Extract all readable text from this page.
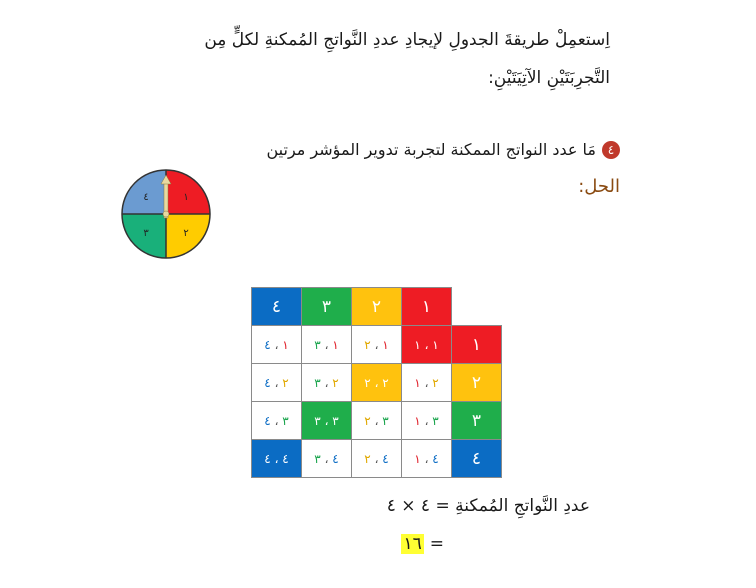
اِستعمِلْ طريقةَ الجدولِ لإيجادِ عددِ النَّواتجِ المُمكنةِ لكلٍّ مِن
التَّجرِبَتَيْنِ الآتِيَتَيْنِ:
٤
مَا عدد النواتج الممكنة لتجربة تدوير المؤشر مرتين
الحل:
١
٢
٣
٤
	١	٢	٣	٤
١	١ ، ١	١ ، ٢	١ ، ٣	١ ، ٤
٢	٢ ، ١	٢ ، ٢	٢ ، ٣	٢ ، ٤
٣	٣ ، ١	٣ ، ٢	٣ ، ٣	٣ ، ٤
٤	٤ ، ١	٤ ، ٢	٤ ، ٣	٤ ، ٤
عددِ النَّواتجِ المُمكنةِ = ٤ × ٤
=
١٦
